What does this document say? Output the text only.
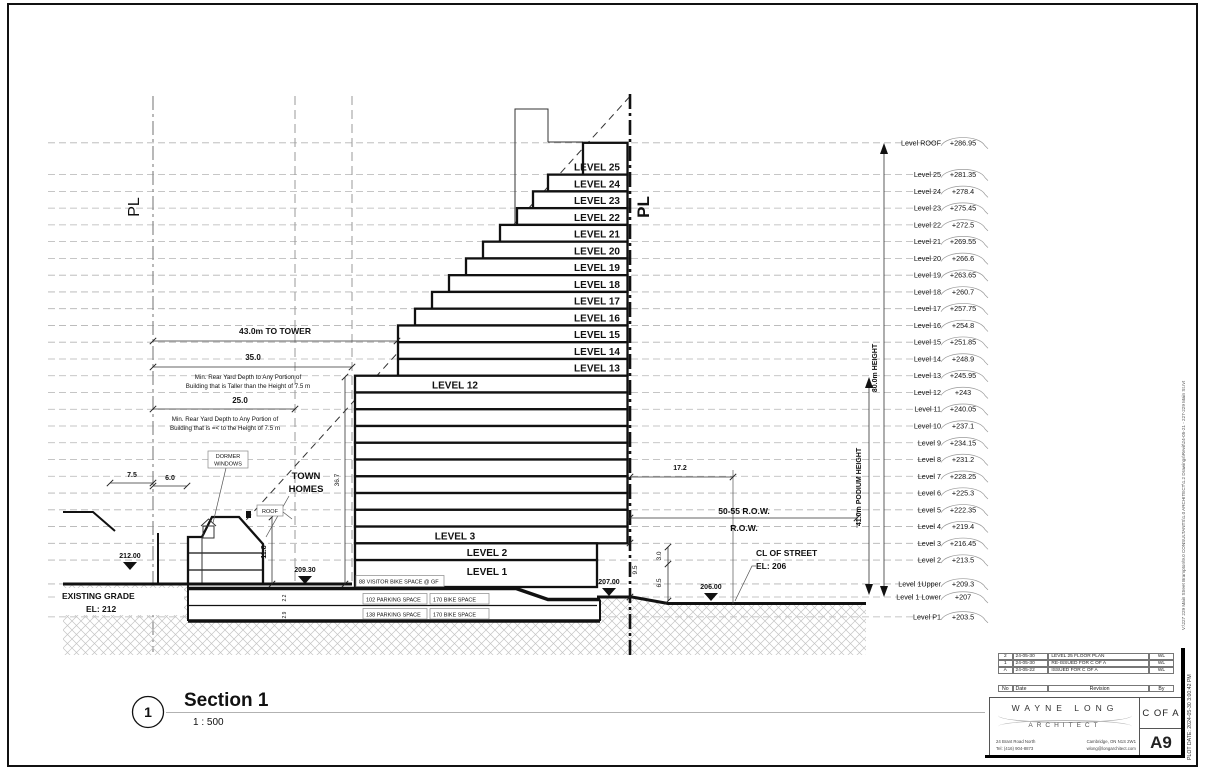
Level ROOF +286.95
Level 25 +281.35
Level 24 +278.4
Level 23 +275.45
Level 22 +272.5
Level 21 +269.55
Level 20 +266.6
Level 19 +263.65
Level 18 +260.7
Level 17 +257.75
Level 16 +254.8
Level 15 +251.85
Level 14 +248.9
Level 13 +245.95
Level 12 +243
Level 11 +240.05
Level 10 +237.1
Level 9 +234.15
Level 8 +231.2
Level 7 +228.25
Level 6 +225.3
Level 5 +222.35
Level 4 +219.4
Level 3 +216.45
Level 2 +213.5
Level 1Upper +209.3
Level 1 Lower +207
Level P1 +203.5
LEVEL 25
LEVEL 24
LEVEL 23
LEVEL 22
LEVEL 21
LEVEL 20
LEVEL 19
LEVEL 18
LEVEL 17
LEVEL 16
LEVEL 15
LEVEL 14
LEVEL 13
LEVEL 12
LEVEL 3
LEVEL 2
LEVEL 1
PL	PL
80.0m HEIGHT
41.0m PODIUM HEIGHT
43.0m TO TOWER
35.0
Min. Rear Yard Depth to Any Portion of
Building that is Taller than the Height of 7.5 m
25.0
Min. Rear Yard Depth to Any Portion of
Building that is =< to the Height of 7.5 m
7.5	6.0
17.2
50-55 R.O.W.
R.O.W.
11.8
36.7
9.5
3.0
6.5
2.2
2.9
EXISTING GRADE
EL: 212
CL OF STREET
EL: 206
212.00
209.30
207.00
206.00
TOWN
HOMES
DORMER
WINDOWS
ROOF
88 VISITOR BIKE SPACE @ GF
102 PARKING SPACE 170 BIKE SPACE
138 PARKING SPACE 170 BIKE SPACE
1
Section 1
1 : 500
2	24-05-30	LEVEL 25 FLOOR PLAN	WL
1	24-05-30	RE-ISSUED FOR C OF A	WL
A	24-05-22	ISSUED FOR C OF A	WL
No	Date	Revision	By
WAYNE LONG
ARCHITECT
24 Brant Road North
Tel: (416) 904-8873
Cambridge, ON N1S 2W1
wlong@longarchitect.com
C OF A
A9
V:\227 229 Main Street Brampton\9.0 CONSULTANTS\1.0 ARCHITECT\1.2 Drawings\Revit\24-05-21 - 227-229 Main St.rvt
PLOT DATE: 2024-05-30 3:00:42 PM
